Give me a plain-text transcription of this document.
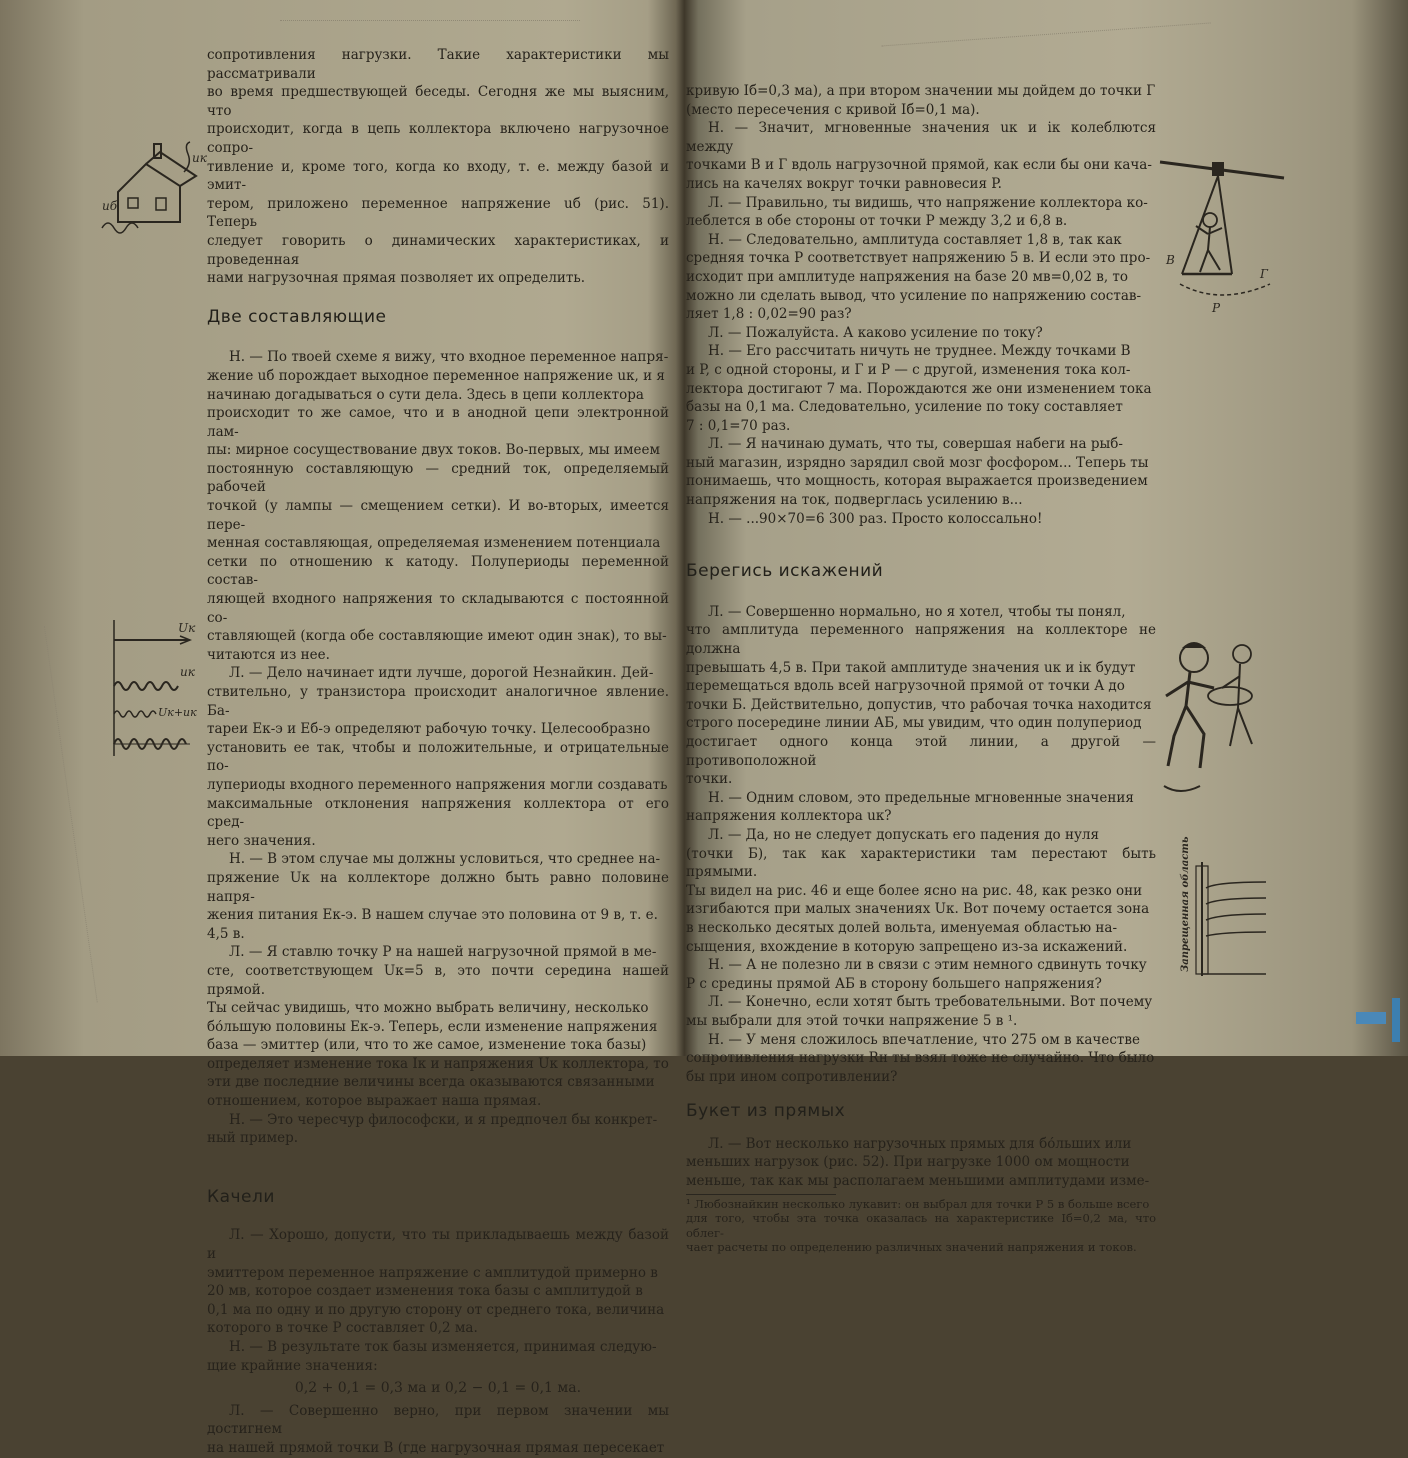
сопротивления нагрузки. Такие характеристики мы рассматривали

во время предшествующей беседы. Сегодня же мы выясним, что

происходит, когда в цепь коллектора включено нагрузочное сопро-

тивление и, кроме того, когда ко входу, т. е. между базой и эмит-

тером, приложено переменное напряжение uб (рис. 51). Теперь

следует говорить о динамических характеристиках, и проведенная

нами нагрузочная прямая позволяет их определить.

Две составляющие

Н. — По твоей схеме я вижу, что входное переменное напря-

жение uб порождает выходное переменное напряжение uк, и я

начинаю догадываться о сути дела. Здесь в цепи коллектора

происходит то же самое, что и в анодной цепи электронной лам-

пы: мирное сосуществование двух токов. Во-первых, мы имеем

постоянную составляющую — средний ток, определяемый рабочей

точкой (у лампы — смещением сетки). И во-вторых, имеется пере-

менная составляющая, определяемая изменением потенциала

сетки по отношению к катоду. Полупериоды переменной состав-

ляющей входного напряжения то складываются с постоянной со-

ставляющей (когда обе составляющие имеют один знак), то вы-

читаются из нее.

Л. — Дело начинает идти лучше, дорогой Незнайкин. Дей-

ствительно, у транзистора происходит аналогичное явление. Ба-

тареи Eк-э и Eб-э определяют рабочую точку. Целесообразно

установить ее так, чтобы и положительные, и отрицательные по-

лупериоды входного переменного напряжения могли создавать

максимальные отклонения напряжения коллектора от его сред-

него значения.

Н. — В этом случае мы должны условиться, что среднее на-

пряжение Uк на коллекторе должно быть равно половине напря-

жения питания Eк-э. В нашем случае это половина от 9 в, т. е.

4,5 в.

Л. — Я ставлю точку P на нашей нагрузочной прямой в ме-

сте, соответствующем Uк=5 в, это почти середина нашей прямой.

Ты сейчас увидишь, что можно выбрать величину, несколько

бо́льшую половины Eк-э. Теперь, если изменение напряжения

база — эмиттер (или, что то же самое, изменение тока базы)

определяет изменение тока Iк и напряжения Uк коллектора, то

эти две последние величины всегда оказываются связанными

отношением, которое выражает наша прямая.

Н. — Это чересчур философски, и я предпочел бы конкрет-

ный пример.

Качели

Л. — Хорошо, допусти, что ты прикладываешь между базой и

эмиттером переменное напряжение с амплитудой примерно в

20 мв, которое создает изменения тока базы с амплитудой в

0,1 ма по одну и по другую сторону от среднего тока, величина

которого в точке P составляет 0,2 ма.

Н. — В результате ток базы изменяется, принимая следую-

щие крайние значения:

0,2 + 0,1 = 0,3 ма и 0,2 − 0,1 = 0,1 ма.

Л. — Совершенно верно, при первом значении мы достигнем

на нашей прямой точки B (где нагрузочная прямая пересекает

uб
uк
Uк
uк
Uк+uк

кривую Iб=0,3 ма), а при втором значении мы дойдем до точки Г

(место пересечения с кривой Iб=0,1 ма).

Н. — Значит, мгновенные значения uк и iк колеблются между

точками B и Г вдоль нагрузочной прямой, как если бы они кача-

лись на качелях вокруг точки равновесия P.

Л. — Правильно, ты видишь, что напряжение коллектора ко-

леблется в обе стороны от точки P между 3,2 и 6,8 в.

Н. — Следовательно, амплитуда составляет 1,8 в, так как

средняя точка P соответствует напряжению 5 в. И если это про-

исходит при амплитуде напряжения на базе 20 мв=0,02 в, то

можно ли сделать вывод, что усиление по напряжению состав-

ляет 1,8 : 0,02=90 раз?

Л. — Пожалуйста. А каково усиление по току?

Н. — Его рассчитать ничуть не труднее. Между точками B

и P, с одной стороны, и Г и P — с другой, изменения тока кол-

лектора достигают 7 ма. Порождаются же они изменением тока

базы на 0,1 ма. Следовательно, усиление по току составляет

7 : 0,1=70 раз.

Л. — Я начинаю думать, что ты, совершая набеги на рыб-

ный магазин, изрядно зарядил свой мозг фосфором... Теперь ты

понимаешь, что мощность, которая выражается произведением

напряжения на ток, подверглась усилению в...

Н. — ...90×70=6 300 раз. Просто колоссально!

Берегись искажений

Л. — Совершенно нормально, но я хотел, чтобы ты понял,

что амплитуда переменного напряжения на коллекторе не должна

превышать 4,5 в. При такой амплитуде значения uк и iк будут

перемещаться вдоль всей нагрузочной прямой от точки A до

точки Б. Действительно, допустив, что рабочая точка находится

строго посередине линии АБ, мы увидим, что один полупериод

достигает одного конца этой линии, а другой — противоположной

точки.

Н. — Одним словом, это предельные мгновенные значения

напряжения коллектора uк?

Л. — Да, но не следует допускать его падения до нуля

(точки Б), так как характеристики там перестают быть прямыми.

Ты видел на рис. 46 и еще более ясно на рис. 48, как резко они

изгибаются при малых значениях Uк. Вот почему остается зона

в несколько десятых долей вольта, именуемая областью на-

сыщения, вхождение в которую запрещено из-за искажений.

Н. — А не полезно ли в связи с этим немного сдвинуть точку

P с средины прямой АБ в сторону большего напряжения?

Л. — Конечно, если хотят быть требовательными. Вот почему

мы выбрали для этой точки напряжение 5 в ¹.

Н. — У меня сложилось впечатление, что 275 ом в качестве

сопротивления нагрузки Rн ты взял тоже не случайно. Что было

бы при ином сопротивлении?

Букет из прямых

Л. — Вот несколько нагрузочных прямых для бо́льших или

меньших нагрузок (рис. 52). При нагрузке 1000 ом мощности

меньше, так как мы располагаем меньшими амплитудами изме-

¹ Любознайкин несколько лукавит: он выбрал для точки P 5 в больше всего

для того, чтобы эта точка оказалась на характеристике Iб=0,2 ма, что облег-

чает расчеты по определению различных значений напряжения и токов.

B
P
Г
Запрещенная область
